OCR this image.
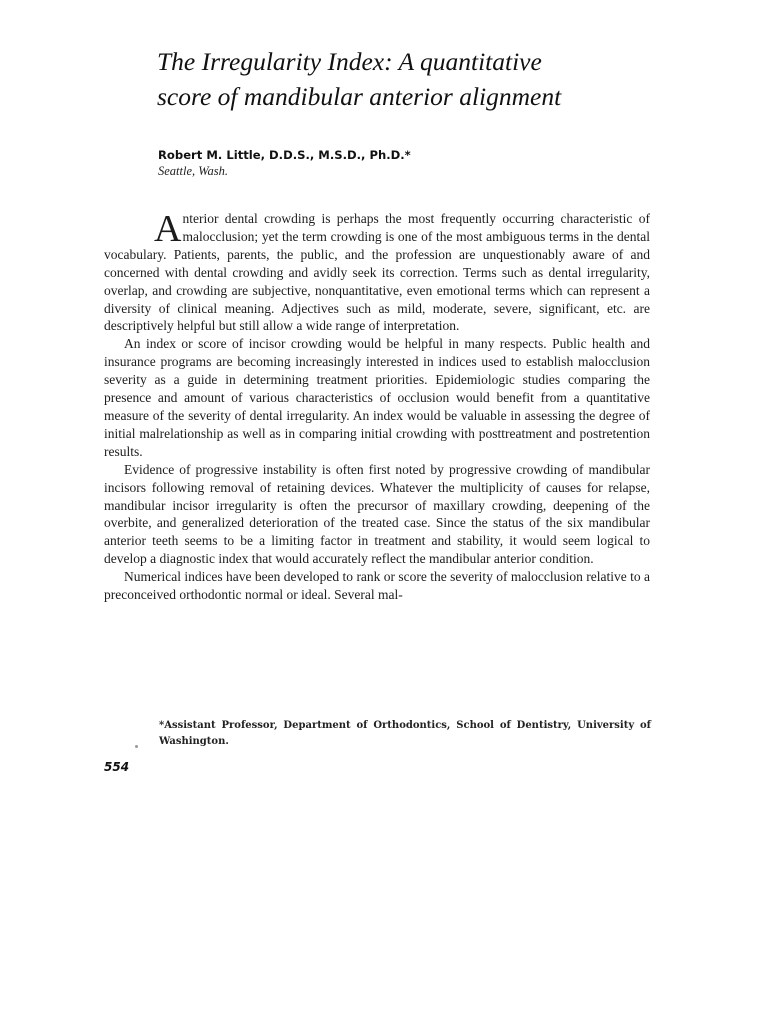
The Irregularity Index: A quantitative
score of mandibular anterior alignment
Robert M. Little, D.D.S., M.S.D., Ph.D.*
Seattle, Wash.

Anterior dental crowding is perhaps the most frequently occurring characteristic of malocclusion; yet the term crowding is one of the most ambiguous terms in the dental vocabulary. Patients, parents, the public, and the profession are unquestionably aware of and concerned with dental crowding and avidly seek its correction. Terms such as dental irregularity, overlap, and crowding are subjective, nonquantitative, even emotional terms which can represent a diversity of clinical meaning. Adjectives such as mild, moderate, severe, significant, etc. are descriptively helpful but still allow a wide range of interpretation.

An index or score of incisor crowding would be helpful in many respects. Public health and insurance programs are becoming increasingly interested in indices used to establish malocclusion severity as a guide in determining treatment priorities. Epidemiologic studies comparing the presence and amount of various characteristics of occlusion would benefit from a quantitative measure of the severity of dental irregularity. An index would be valuable in assessing the degree of initial malrelationship as well as in comparing initial crowding with posttreatment and postretention results.

Evidence of progressive instability is often first noted by progressive crowding of mandibular incisors following removal of retaining devices. Whatever the multiplicity of causes for relapse, mandibular incisor irregularity is often the precursor of maxillary crowding, deepening of the overbite, and generalized deterioration of the treated case. Since the status of the six mandibular anterior teeth seems to be a limiting factor in treatment and stability, it would seem logical to develop a diagnostic index that would accurately reflect the mandibular anterior condition.

Numerical indices have been developed to rank or score the severity of malocclusion relative to a preconceived orthodontic normal or ideal. Several mal-

*Assistant Professor, Department of Orthodontics, School of Dentistry, University of Washington.
554
